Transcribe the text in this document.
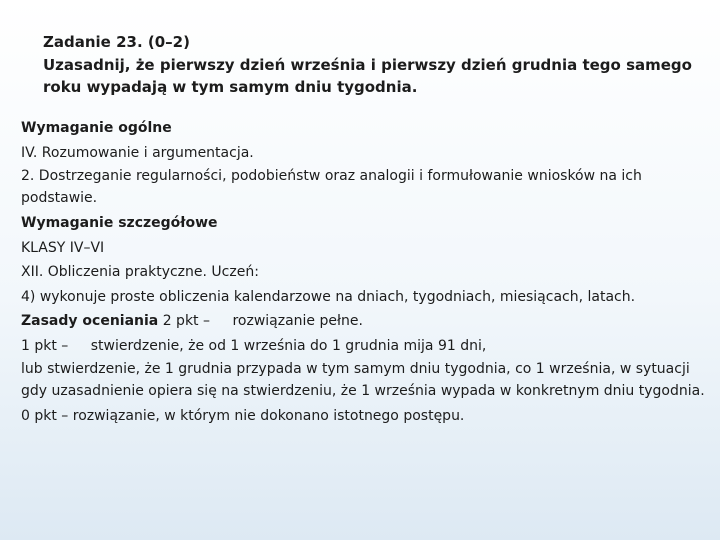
Zadanie 23. (0–2)
Uzasadnij, że pierwszy dzień września i pierwszy dzień grudnia tego samego
roku wypadają w tym samym dniu tygodnia.
Wymaganie ogólne
IV. Rozumowanie i argumentacja.
2. Dostrzeganie regularności, podobieństw oraz analogii i formułowanie wniosków na ich podstawie.
Wymaganie szczegółowe
KLASY IV–VI
XII. Obliczenia praktyczne. Uczeń:
4) wykonuje proste obliczenia kalendarzowe na dniach, tygodniach, miesiącach, latach.
Zasady oceniania 2 pkt – rozwiązanie pełne.
1 pkt – stwierdzenie, że od 1 września do 1 grudnia mija 91 dni,
lub stwierdzenie, że 1 grudnia przypada w tym samym dniu tygodnia, co 1 września, w sytuacji gdy uzasadnienie opiera się na stwierdzeniu, że 1 września wypada w konkretnym dniu tygodnia.
0 pkt – rozwiązanie, w którym nie dokonano istotnego postępu.
